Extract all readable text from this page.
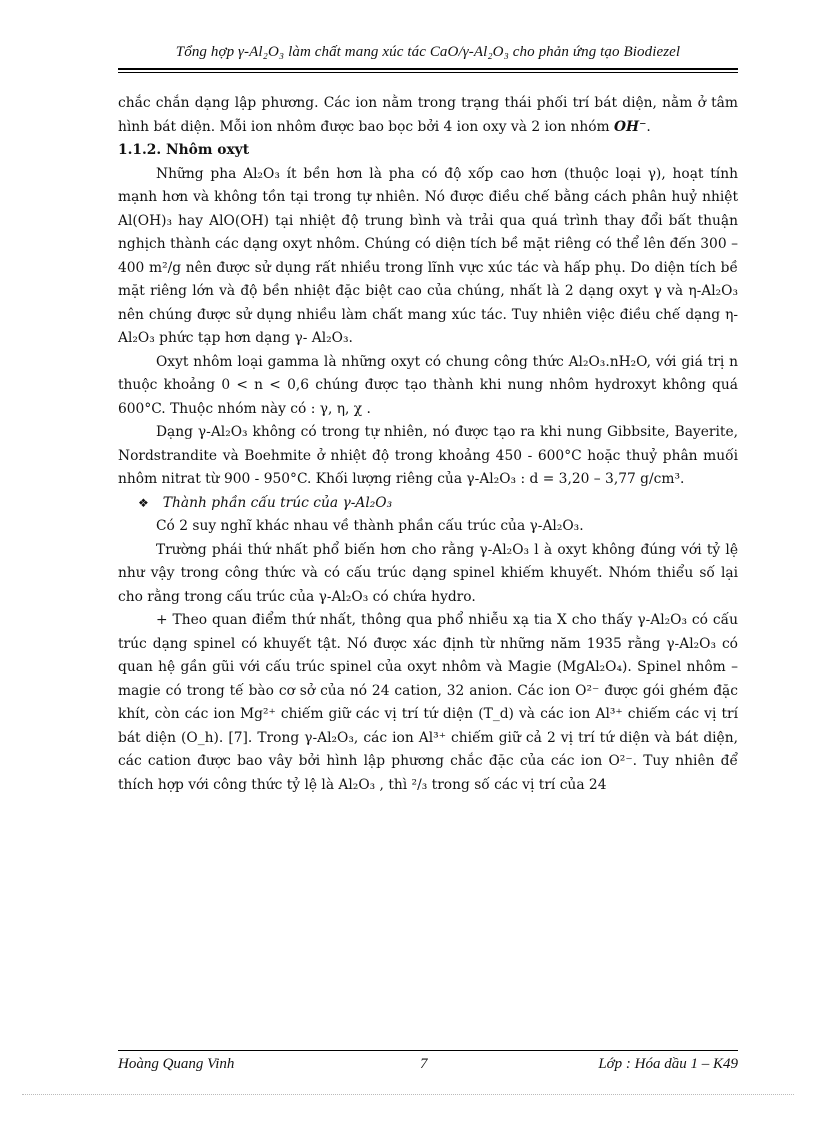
Tổng hợp γ-Al₂O₃ làm chất mang xúc tác CaO/γ-Al₂O₃ cho phản ứng tạo Biodiezel

chắc chắn dạng lập phương. Các ion nằm trong trạng thái phối trí bát diện, nằm ở tâm hình bát diện. Mỗi ion nhôm được bao bọc bởi 4 ion oxy và 2 ion nhóm OH⁻.

1.1.2. Nhôm oxyt

Những pha Al₂O₃ ít bền hơn là pha có độ xốp cao hơn (thuộc loại γ), hoạt tính mạnh hơn và không tồn tại trong tự nhiên. Nó được điều chế bằng cách phân huỷ nhiệt Al(OH)₃ hay AlO(OH) tại nhiệt độ trung bình và trải qua quá trình thay đổi bất thuận nghịch thành các dạng oxyt nhôm. Chúng có diện tích bề mặt riêng có thể lên đến 300 – 400 m²/g nên được sử dụng rất nhiều trong lĩnh vực xúc tác và hấp phụ. Do diện tích bề mặt riêng lớn và độ bền nhiệt đặc biệt cao của chúng, nhất là 2 dạng oxyt γ và η-Al₂O₃ nên chúng được sử dụng nhiều làm chất mang xúc tác. Tuy nhiên việc điều chế dạng η-Al₂O₃ phức tạp hơn dạng γ- Al₂O₃.

Oxyt nhôm loại gamma là những oxyt có chung công thức Al₂O₃.nH₂O, với giá trị n thuộc khoảng 0 < n < 0,6 chúng được tạo thành khi nung nhôm hydroxyt không quá 600°C. Thuộc nhóm này có : γ, η, χ .

Dạng γ-Al₂O₃ không có trong tự nhiên, nó được tạo ra khi nung Gibbsite, Bayerite, Nordstrandite và Boehmite ở nhiệt độ trong khoảng 450 - 600°C hoặc thuỷ phân muối nhôm nitrat từ 900 - 950°C. Khối lượng riêng của γ-Al₂O₃ : d = 3,20 – 3,77 g/cm³.

❖ Thành phần cấu trúc của γ-Al₂O₃

Có 2 suy nghĩ khác nhau về thành phần cấu trúc của γ-Al₂O₃.

Trường phái thứ nhất phổ biến hơn cho rằng γ-Al₂O₃ l à oxyt không đúng với tỷ lệ như vậy trong công thức và có cấu trúc dạng spinel khiếm khuyết. Nhóm thiểu số lại cho rằng trong cấu trúc của γ-Al₂O₃ có chứa hydro.

+ Theo quan điểm thứ nhất, thông qua phổ nhiễu xạ tia X cho thấy γ-Al₂O₃ có cấu trúc dạng spinel có khuyết tật. Nó được xác định từ những năm 1935 rằng γ-Al₂O₃ có quan hệ gần gũi với cấu trúc spinel của oxyt nhôm và Magie (MgAl₂O₄). Spinel nhôm – magie có trong tế bào cơ sở của nó 24 cation, 32 anion. Các ion O²⁻ được gói ghém đặc khít, còn các ion Mg²⁺ chiếm giữ các vị trí tứ diện (T_d) và các ion Al³⁺ chiếm các vị trí bát diện (O_h). [7]. Trong γ-Al₂O₃, các ion Al³⁺ chiếm giữ cả 2 vị trí tứ diện và bát diện, các cation được bao vây bởi hình lập phương chắc đặc của các ion O²⁻. Tuy nhiên để thích hợp với công thức tỷ lệ là Al₂O₃ , thì ²/₃ trong số các vị trí của 24

Hoàng Quang Vinh	7	Lớp : Hóa dầu 1 – K49
